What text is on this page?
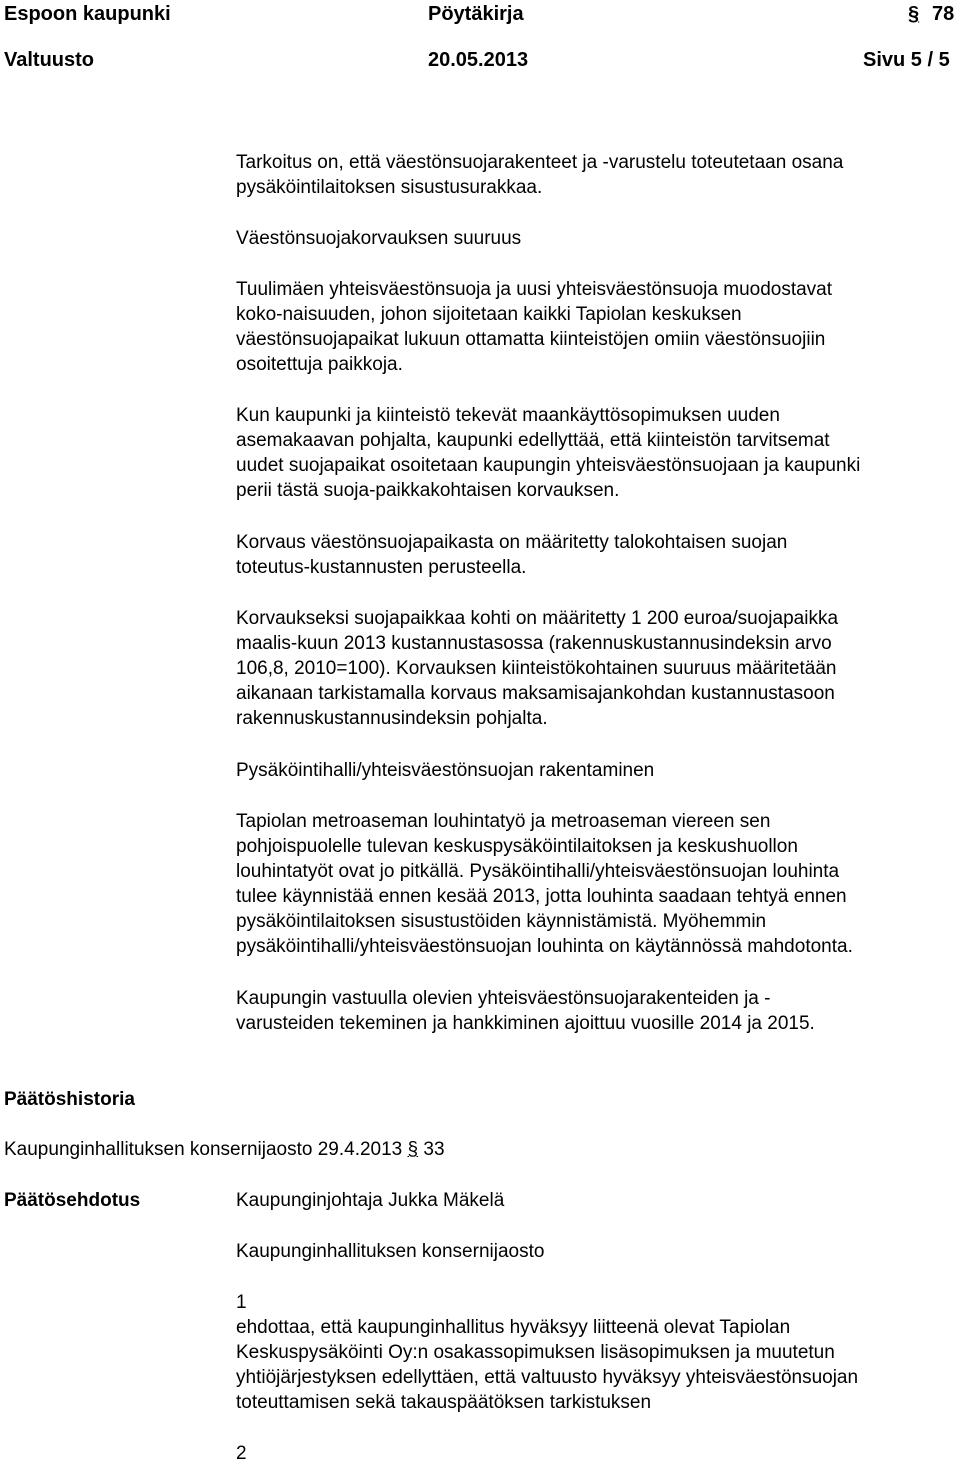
Espoon kaupunki	Pöytäkirja	§ 78
Valtuusto	20.05.2013	Sivu 5 / 5
Tarkoitus on, että väestönsuojarakenteet ja -varustelu toteutetaan osana
pysäköintilaitoksen sisustusurakkaa.
Väestönsuojakorvauksen suuruus
Tuulimäen yhteisväestönsuoja ja uusi yhteisväestönsuoja muodostavat
koko-naisuuden, johon sijoitetaan kaikki Tapiolan keskuksen
väestönsuojapaikat lukuun ottamatta kiinteistöjen omiin väestönsuojiin
osoitettuja paikkoja.
Kun kaupunki ja kiinteistö tekevät maankäyttösopimuksen uuden
asemakaavan pohjalta, kaupunki edellyttää, että kiinteistön tarvitsemat
uudet suojapaikat osoitetaan kaupungin yhteisväestönsuojaan ja kaupunki
perii tästä suoja-paikkakohtaisen korvauksen.
Korvaus väestönsuojapaikasta on määritetty talokohtaisen suojan
toteutus-kustannusten perusteella.
Korvaukseksi suojapaikkaa kohti on määritetty 1 200 euroa/suojapaikka
maalis-kuun 2013 kustannustasossa (rakennuskustannusindeksin arvo
106,8, 2010=100). Korvauksen kiinteistökohtainen suuruus määritetään
aikanaan tarkistamalla korvaus maksamisajankohdan kustannustasoon
rakennuskustannusindeksin pohjalta.
Pysäköintihalli/yhteisväestönsuojan rakentaminen
Tapiolan metroaseman louhintatyö ja metroaseman viereen sen
pohjoispuolelle tulevan keskuspysäköintilaitoksen ja keskushuollon
louhintatyöt ovat jo pitkällä. Pysäköintihalli/yhteisväestönsuojan louhinta
tulee käynnistää ennen kesää 2013, jotta louhinta saadaan tehtyä ennen
pysäköintilaitoksen sisustustöiden käynnistämistä. Myöhemmin
pysäköintihalli/yhteisväestönsuojan louhinta on käytännössä mahdotonta.
Kaupungin vastuulla olevien yhteisväestönsuojarakenteiden ja -
varusteiden tekeminen ja hankkiminen ajoittuu vuosille 2014 ja 2015.
Päätöshistoria
Kaupunginhallituksen konsernijaosto 29.4.2013 § 33
Päätösehdotus	Kaupunginjohtaja Jukka Mäkelä
Kaupunginhallituksen konsernijaosto
1
ehdottaa, että kaupunginhallitus hyväksyy liitteenä olevat Tapiolan
Keskuspysäköinti Oy:n osakassopimuksen lisäsopimuksen ja muutetun
yhtiöjärjestyksen edellyttäen, että valtuusto hyväksyy yhteisväestönsuojan
toteuttamisen sekä takauspäätöksen tarkistuksen
2
